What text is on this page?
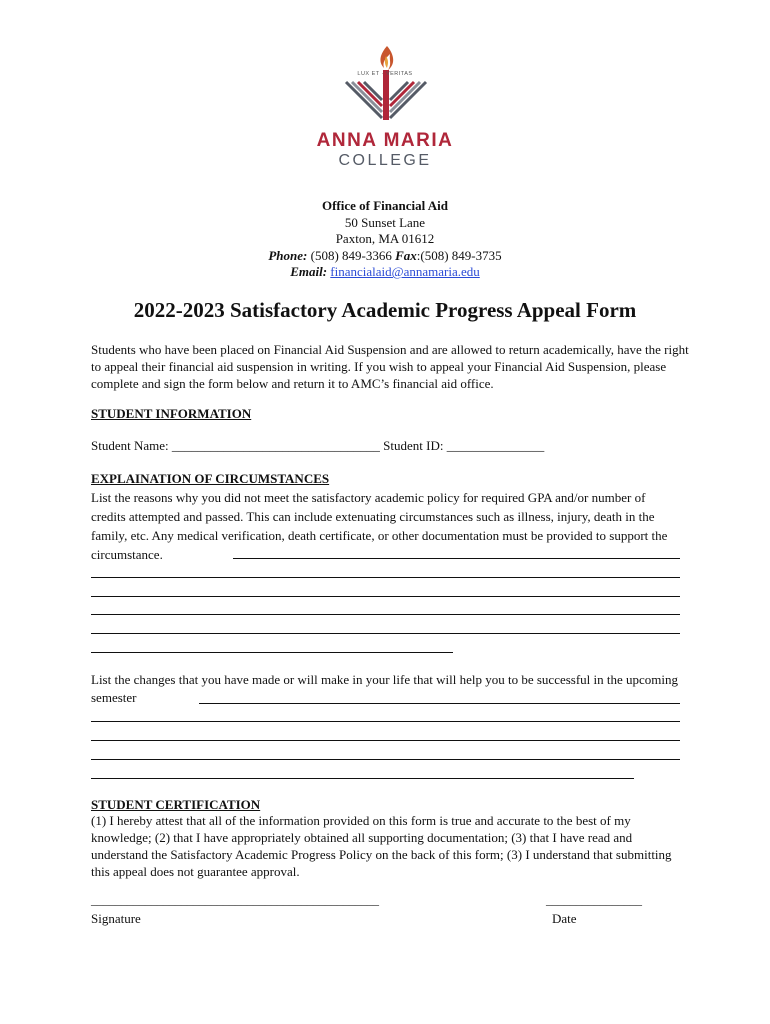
LUX ET · VERITAS
ANNA MARIA
COLLEGE
Office of Financial Aid
50 Sunset Lane
Paxton, MA 01612
Phone: (508) 849-3366 Fax:(508) 849-3735
Email: financialaid@annamaria.edu
2022-2023 Satisfactory Academic Progress Appeal Form
Students who have been placed on Financial Aid Suspension and are allowed to return academically, have the right to appeal their financial aid suspension in writing. If you wish to appeal your Financial Aid Suspension, please complete and sign the form below and return it to AMC’s financial aid office.
STUDENT INFORMATION
Student Name: ________________________________ Student ID: _______________
EXPLAINATION OF CIRCUMSTANCES
List the reasons why you did not meet the satisfactory academic policy for required GPA and/or number of credits attempted and passed. This can include extenuating circumstances such as illness, injury, death in the family, etc. Any medical verification, death certificate, or other documentation must be provided to support the circumstance.
List the changes that you have made or will make in your life that will help you to be successful in the upcoming semester
STUDENT CERTIFICATION
(1) I hereby attest that all of the information provided on this form is true and accurate to the best of my knowledge; (2) that I have appropriately obtained all supporting documentation; (3) that I have read and understand the Satisfactory Academic Progress Policy on the back of this form; (3) I understand that submitting this appeal does not guarantee approval.
________________________________________________
Signature
________________
Date
